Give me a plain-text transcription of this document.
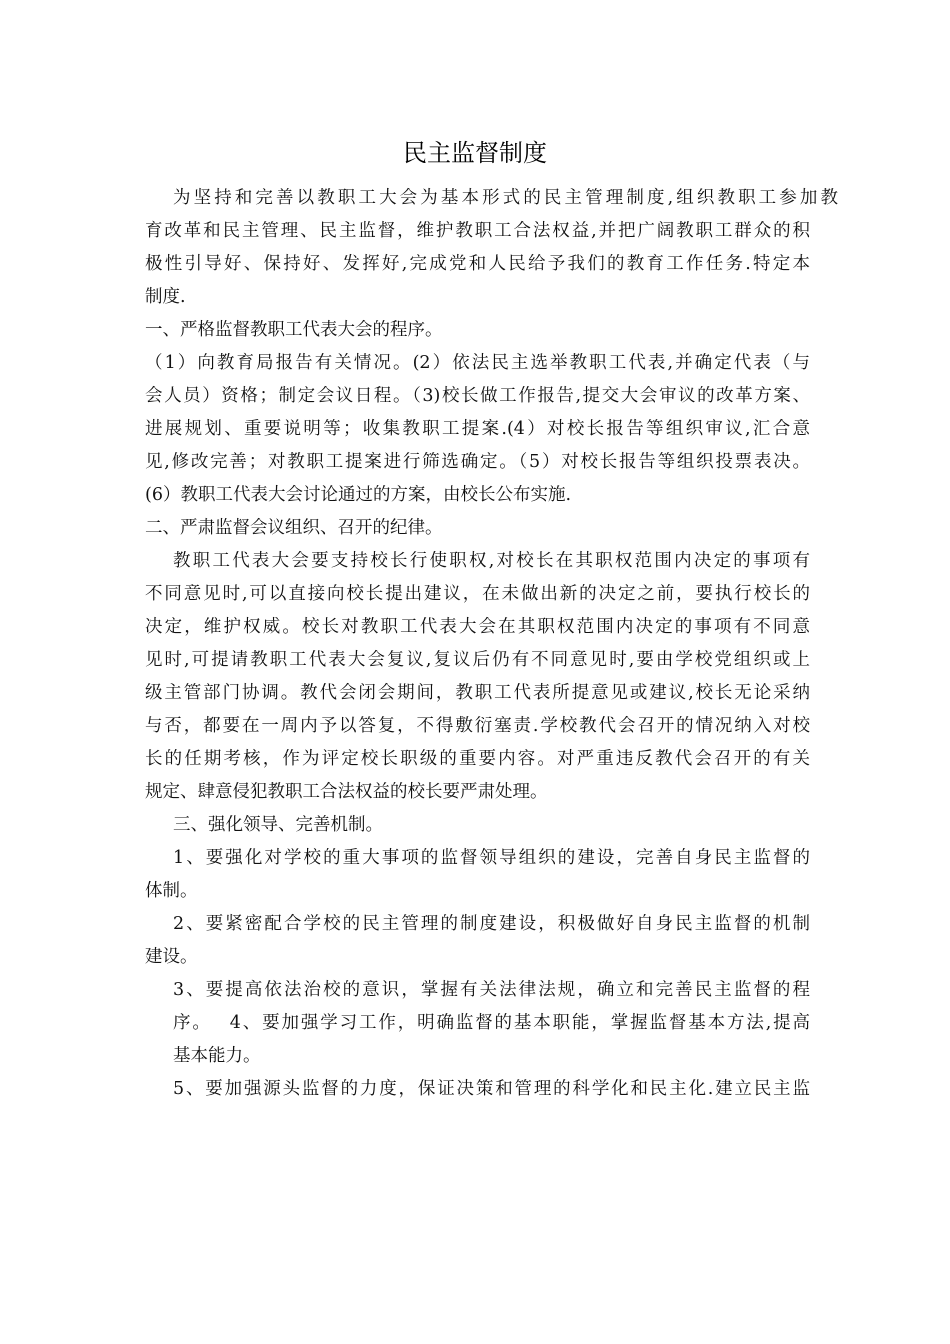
民主监督制度
为坚持和完善以教职工大会为基本形式的民主管理制度,组织教职工参加教
育改革和民主管理、民主监督，维护教职工合法权益,并把广阔教职工群众的积
极性引导好、保持好、发挥好,完成党和人民给予我们的教育工作任务.特定本
制度.
一、严格监督教职工代表大会的程序。
（1）向教育局报告有关情况。(2）依法民主选举教职工代表,并确定代表（与
会人员）资格；制定会议日程。（3)校长做工作报告,提交大会审议的改革方案、
进展规划、重要说明等；收集教职工提案.(4）对校长报告等组织审议,汇合意
见,修改完善；对教职工提案进行筛选确定。（5）对校长报告等组织投票表决。
(6）教职工代表大会讨论通过的方案，由校长公布实施.
二、严肃监督会议组织、召开的纪律。
教职工代表大会要支持校长行使职权,对校长在其职权范围内决定的事项有
不同意见时,可以直接向校长提出建议，在未做出新的决定之前，要执行校长的
决定，维护权威。校长对教职工代表大会在其职权范围内决定的事项有不同意
见时,可提请教职工代表大会复议,复议后仍有不同意见时,要由学校党组织或上
级主管部门协调。教代会闭会期间，教职工代表所提意见或建议,校长无论采纳
与否，都要在一周内予以答复，不得敷衍塞责.学校教代会召开的情况纳入对校
长的任期考核，作为评定校长职级的重要内容。对严重违反教代会召开的有关
规定、肆意侵犯教职工合法权益的校长要严肃处理。
三、强化领导、完善机制。
1、要强化对学校的重大事项的监督领导组织的建设，完善自身民主监督的
体制。
2、要紧密配合学校的民主管理的制度建设，积极做好自身民主监督的机制
建设。
3、要提高依法治校的意识，掌握有关法律法规，确立和完善民主监督的程
序。　 4、要加强学习工作，明确监督的基本职能，掌握监督基本方法,提高
基本能力。
5、要加强源头监督的力度，保证决策和管理的科学化和民主化.建立民主监
